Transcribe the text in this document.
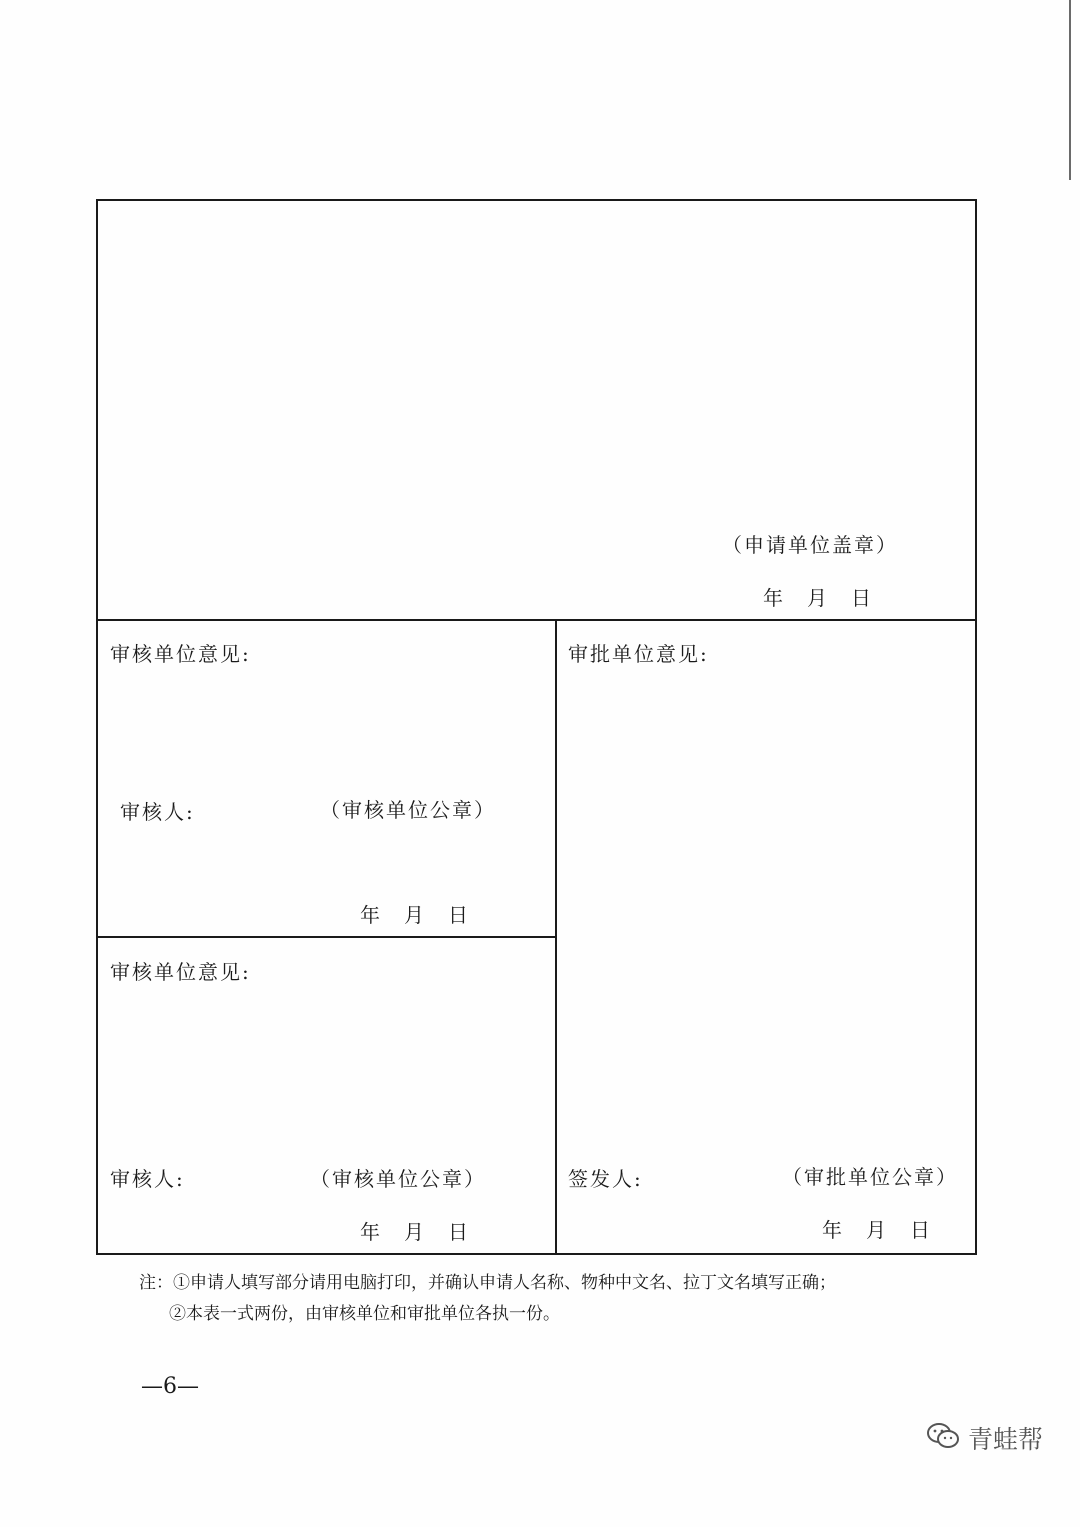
（申请单位盖章）
年 月 日
审核单位意见:
审核人:	（审核单位公章）
年 月 日
审核单位意见:
审核人:	（审核单位公章）
年 月 日
审批单位意见:
签发人:	（审批单位公章）
年 月 日
注：①申请人填写部分请用电脑打印，并确认申请人名称、物种中文名、拉丁文名填写正确；
②本表一式两份，由审核单位和审批单位各执一份。
—6—
青蛙帮
